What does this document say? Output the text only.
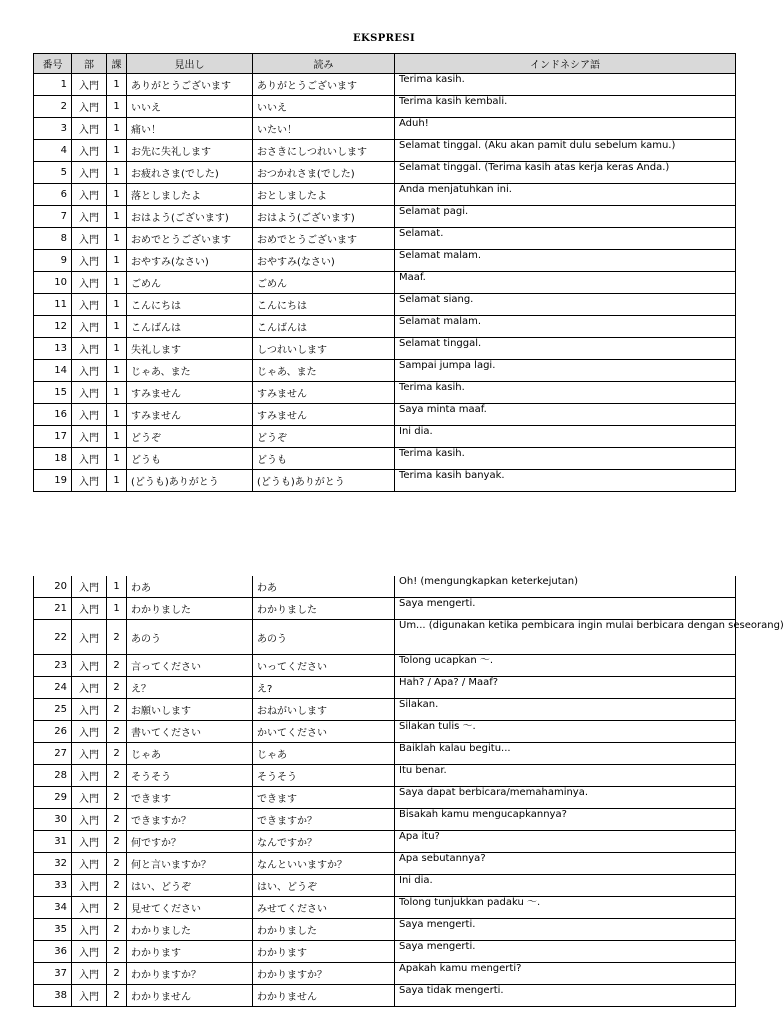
EKSPRESI
番号	部	課	見出し	読み	インドネシア語
1	入門	1	ありがとうございます	ありがとうございます	Terima kasih.
2	入門	1	いいえ	いいえ	Terima kasih kembali.
3	入門	1	痛い！	いたい！	Aduh!
4	入門	1	お先に失礼します	おさきにしつれいします	Selamat tinggal. (Aku akan pamit dulu sebelum kamu.)
5	入門	1	お疲れさま(でした)	おつかれさま(でした)	Selamat tinggal. (Terima kasih atas kerja keras Anda.)
6	入門	1	落としましたよ	おとしましたよ	Anda menjatuhkan ini.
7	入門	1	おはよう(ございます)	おはよう(ございます)	Selamat pagi.
8	入門	1	おめでとうございます	おめでとうございます	Selamat.
9	入門	1	おやすみ(なさい)	おやすみ(なさい)	Selamat malam.
10	入門	1	ごめん	ごめん	Maaf.
11	入門	1	こんにちは	こんにちは	Selamat siang.
12	入門	1	こんばんは	こんばんは	Selamat malam.
13	入門	1	失礼します	しつれいします	Selamat tinggal.
14	入門	1	じゃあ、また	じゃあ、また	Sampai jumpa lagi.
15	入門	1	すみません	すみません	Terima kasih.
16	入門	1	すみません	すみません	Saya minta maaf.
17	入門	1	どうぞ	どうぞ	Ini dia.
18	入門	1	どうも	どうも	Terima kasih.
19	入門	1	(どうも)ありがとう	(どうも)ありがとう	Terima kasih banyak.
20	入門	1	わあ	わあ	Oh! (mengungkapkan keterkejutan)
21	入門	1	わかりました	わかりました	Saya mengerti.
22	入門	2	あのう	あのう	Um... (digunakan ketika pembicara ingin mulai berbicara dengan seseorang)
23	入門	2	言ってください	いってください	Tolong ucapkan ～.
24	入門	2	え？	え?	Hah? / Apa? / Maaf?
25	入門	2	お願いします	おねがいします	Silakan.
26	入門	2	書いてください	かいてください	Silakan tulis ～.
27	入門	2	じゃあ	じゃあ	Baiklah kalau begitu...
28	入門	2	そうそう	そうそう	Itu benar.
29	入門	2	できます	できます	Saya dapat berbicara/memahaminya.
30	入門	2	できますか？	できますか？	Bisakah kamu mengucapkannya?
31	入門	2	何ですか？	なんですか？	Apa itu?
32	入門	2	何と言いますか？	なんといいますか？	Apa sebutannya?
33	入門	2	はい、どうぞ	はい、どうぞ	Ini dia.
34	入門	2	見せてください	みせてください	Tolong tunjukkan padaku ～.
35	入門	2	わかりました	わかりました	Saya mengerti.
36	入門	2	わかります	わかります	Saya mengerti.
37	入門	2	わかりますか？	わかりますか？	Apakah kamu mengerti?
38	入門	2	わかりません	わかりません	Saya tidak mengerti.
